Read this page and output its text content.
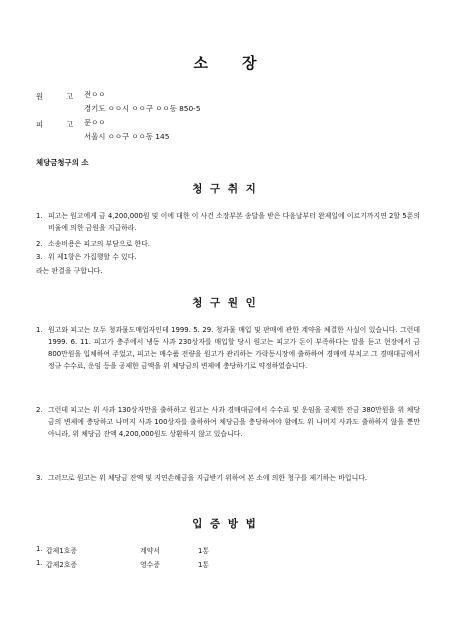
소 장
원	고 전ㅇㅇ
경기도 ㅇㅇ시 ㅇㅇ구 ㅇㅇ동 850-5
피	고 문ㅇㅇ
서울시 ㅇㅇ구 ㅇㅇ동 145
체당금청구의 소
청 구 취 지
1. 피고는 원고에게 금 4,200,000원 및 이에 대한 이 사건 소장부본 송달을 받은 다음날부터 완제일에 이르기까지연 2할 5푼의 비율에 의한 금원을 지급하라.
2. 소송비용은 피고의 부담으로 한다.
3. 위 제1항은 가집행할 수 있다.
라는 판결을 구합니다.
청 구 원 인
1. 원고와 피고는 모두 청과물도매업자인데 1999. 5. 29. 청과물 매입 및 판매에 관한 계약을 체결한 사실이 있습니다. 그런데 1999. 6. 11. 피고가 충주에서 냉동 사과 230상자를 매입할 당시 원고는 피고가 돈이 부족하다는 말을 듣고 현장에서 금 800만원을 입체하여 주었고, 피고는 매수품 전량을 원고가 관리하는 가락동시장에 출하하여 경매에 부치고 그 경매대금에서 정규 수수료, 운임 등을 공제한 금액을 위 체당금의 변제에 충당하기로 약정하였습니다.
2. 그런데 피고는 위 사과 130상자만을 출하하고 원고는 사과 경매대금에서 수수료 및 운임을 공제한 잔금 380만원을 위 체당금의 변제에 충당하고 나머지 사과 100상자를 출하하여 체당금을 충당하여야 함에도 위 나머지 사과도 출하하지 않을 뿐만 아니라, 위 체당금 잔액 4,200,000원도 상환하지 않고 있습니다.
3. 그러므로 원고는 위 체당금 잔액 및 지연손해금을 지급받기 위하여 본 소에 의한 청구를 제기하는 바입니다.
입 증 방 법
1. 갑제1호증	계약서	1통
1. 갑제2호증	영수증	1통
